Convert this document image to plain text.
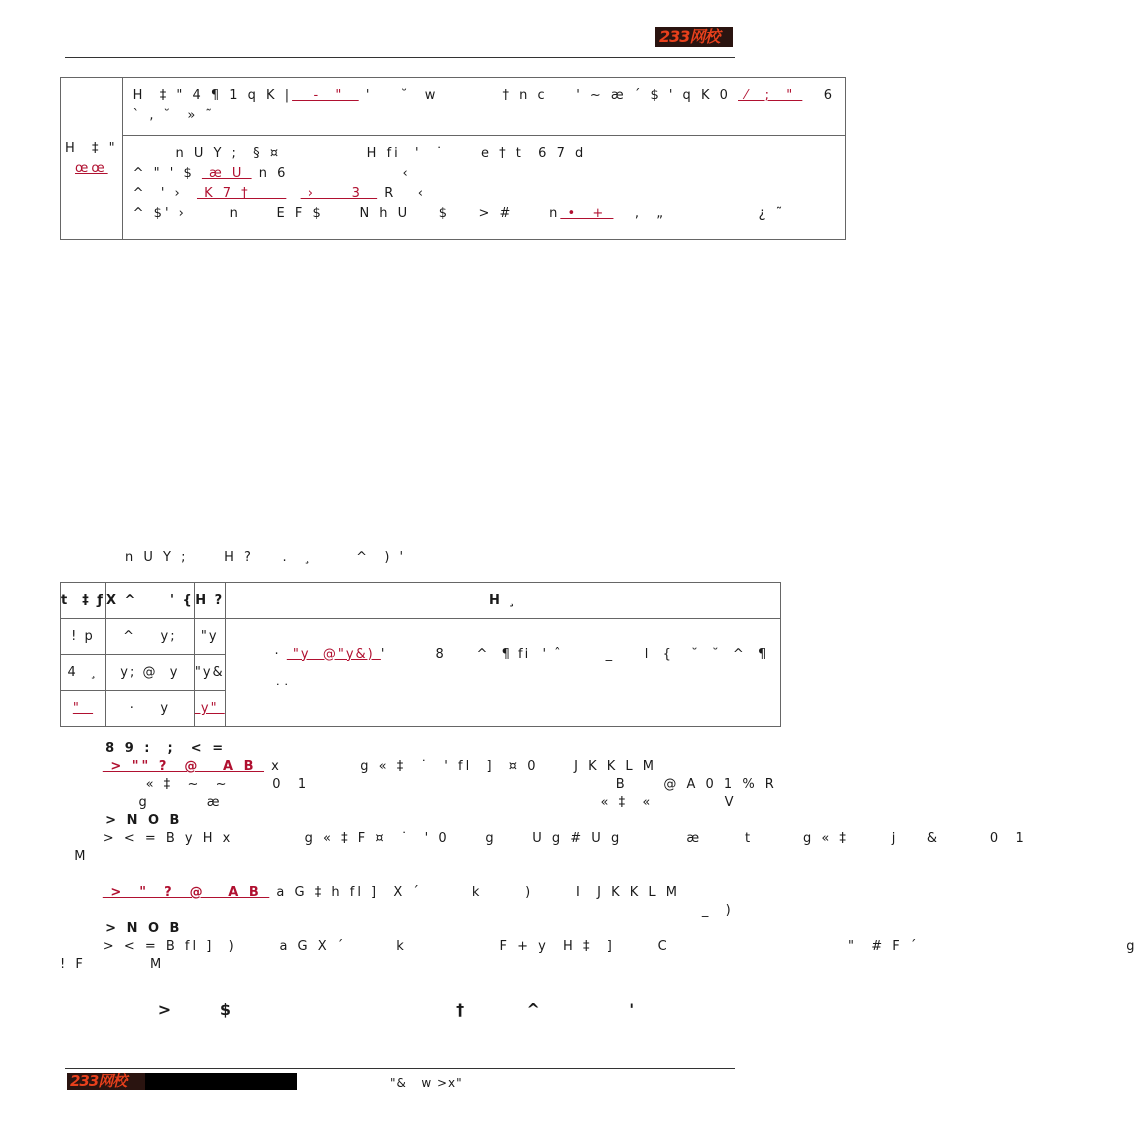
233网校
H  ‡ "
œœ

H  ‡ " 4 ¶ 1 q K |   -  "   '    ˘  w         † n c    ' ~ æ ´ $ ' q K 0  ⁄  ;  "    6
` ‚ ˘  » ˜

n U Y ;  § ¤            H fi  '  ˙     e † t  6 7 d
^ " ' $  æ U  n 6                ‹
^  ' ›   K 7 †        ›     3   R   ‹
^ $' ›      n     E F $     N h U    $    > #     n •  +    ,  „             ¿ ˜
n U Y ;     H ?    .  ¸      ^  ) '
t  ‡ ƒ	X ^     ' {	H ?	H ¸
! p	^    y;	"y	·  "y  @"y&) '        8     ^  ¶ fi  ' ˆ       _     l  {   ˘  ˘  ^  ¶

˙˙

4  ¸	y; @  y	"y&	
"	·    y	y"	
8 9 :  ;  < =
> "" ?  @   A B  x           g « ‡  ˙  ' fl  ]  ¤ 0     J K K L M
« ‡  ~  ~      0  1                                           B     @ A 0 1 % R
g        æ                                                     « ‡  «          V
> N O B
> < = B y H x          g « ‡ F ¤  ˙  ' 0     g     U g # U g         æ      t       g « ‡      j    &       0  1
M

>  "  ?  @   A B  a G ‡ h fl ]  X ´       k      )      I  J K K L M
_  )
> N O B
> < = B fl ]  )      a G X ´       k             F + y  H ‡  ]      C                         "  # F ´                             g
! F         M
>   $                †    ^      '
233网校	"&   w >x"
